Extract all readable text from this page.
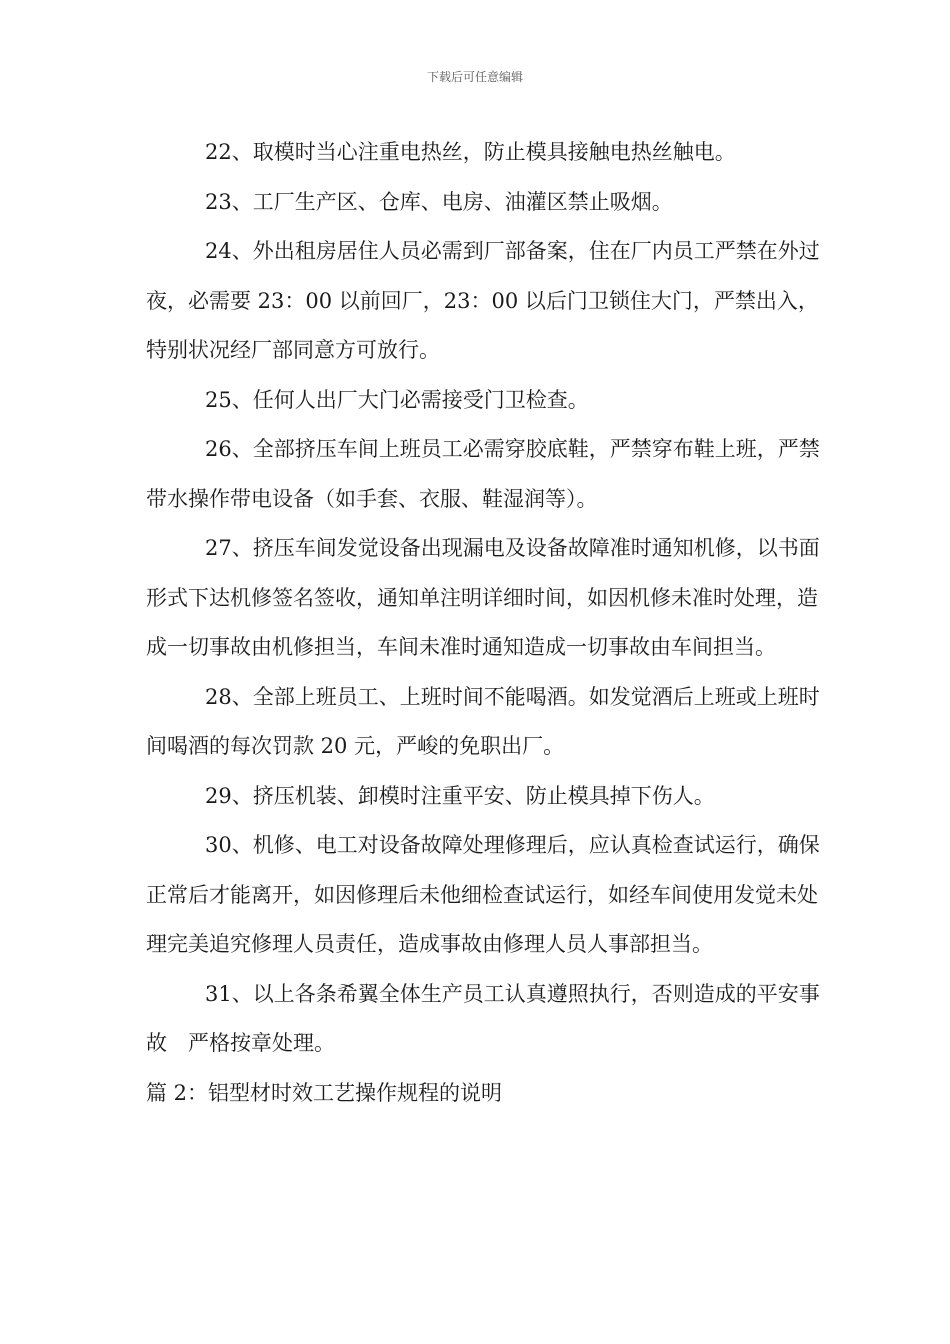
下载后可任意编辑

22、取模时当心注重电热丝，防止模具接触电热丝触电。

23、工厂生产区、仓库、电房、油灌区禁止吸烟。

24、外出租房居住人员必需到厂部备案，住在厂内员工严禁在外过夜，必需要 23：00 以前回厂，23：00 以后门卫锁住大门，严禁出入，特别状况经厂部同意方可放行。

25、任何人出厂大门必需接受门卫检查。

26、全部挤压车间上班员工必需穿胶底鞋，严禁穿布鞋上班，严禁带水操作带电设备（如手套、衣服、鞋湿润等）。

27、挤压车间发觉设备出现漏电及设备故障准时通知机修，以书面形式下达机修签名签收，通知单注明详细时间，如因机修未准时处理，造成一切事故由机修担当，车间未准时通知造成一切事故由车间担当。

28、全部上班员工、上班时间不能喝酒。如发觉酒后上班或上班时间喝酒的每次罚款 20 元，严峻的免职出厂。

29、挤压机装、卸模时注重平安、防止模具掉下伤人。

30、机修、电工对设备故障处理修理后，应认真检查试运行，确保正常后才能离开，如因修理后未他细检查试运行，如经车间使用发觉未处理完美追究修理人员责任，造成事故由修理人员人事部担当。

31、以上各条希翼全体生产员工认真遵照执行，否则造成的平安事故　严格按章处理。

篇 2：铝型材时效工艺操作规程的说明
